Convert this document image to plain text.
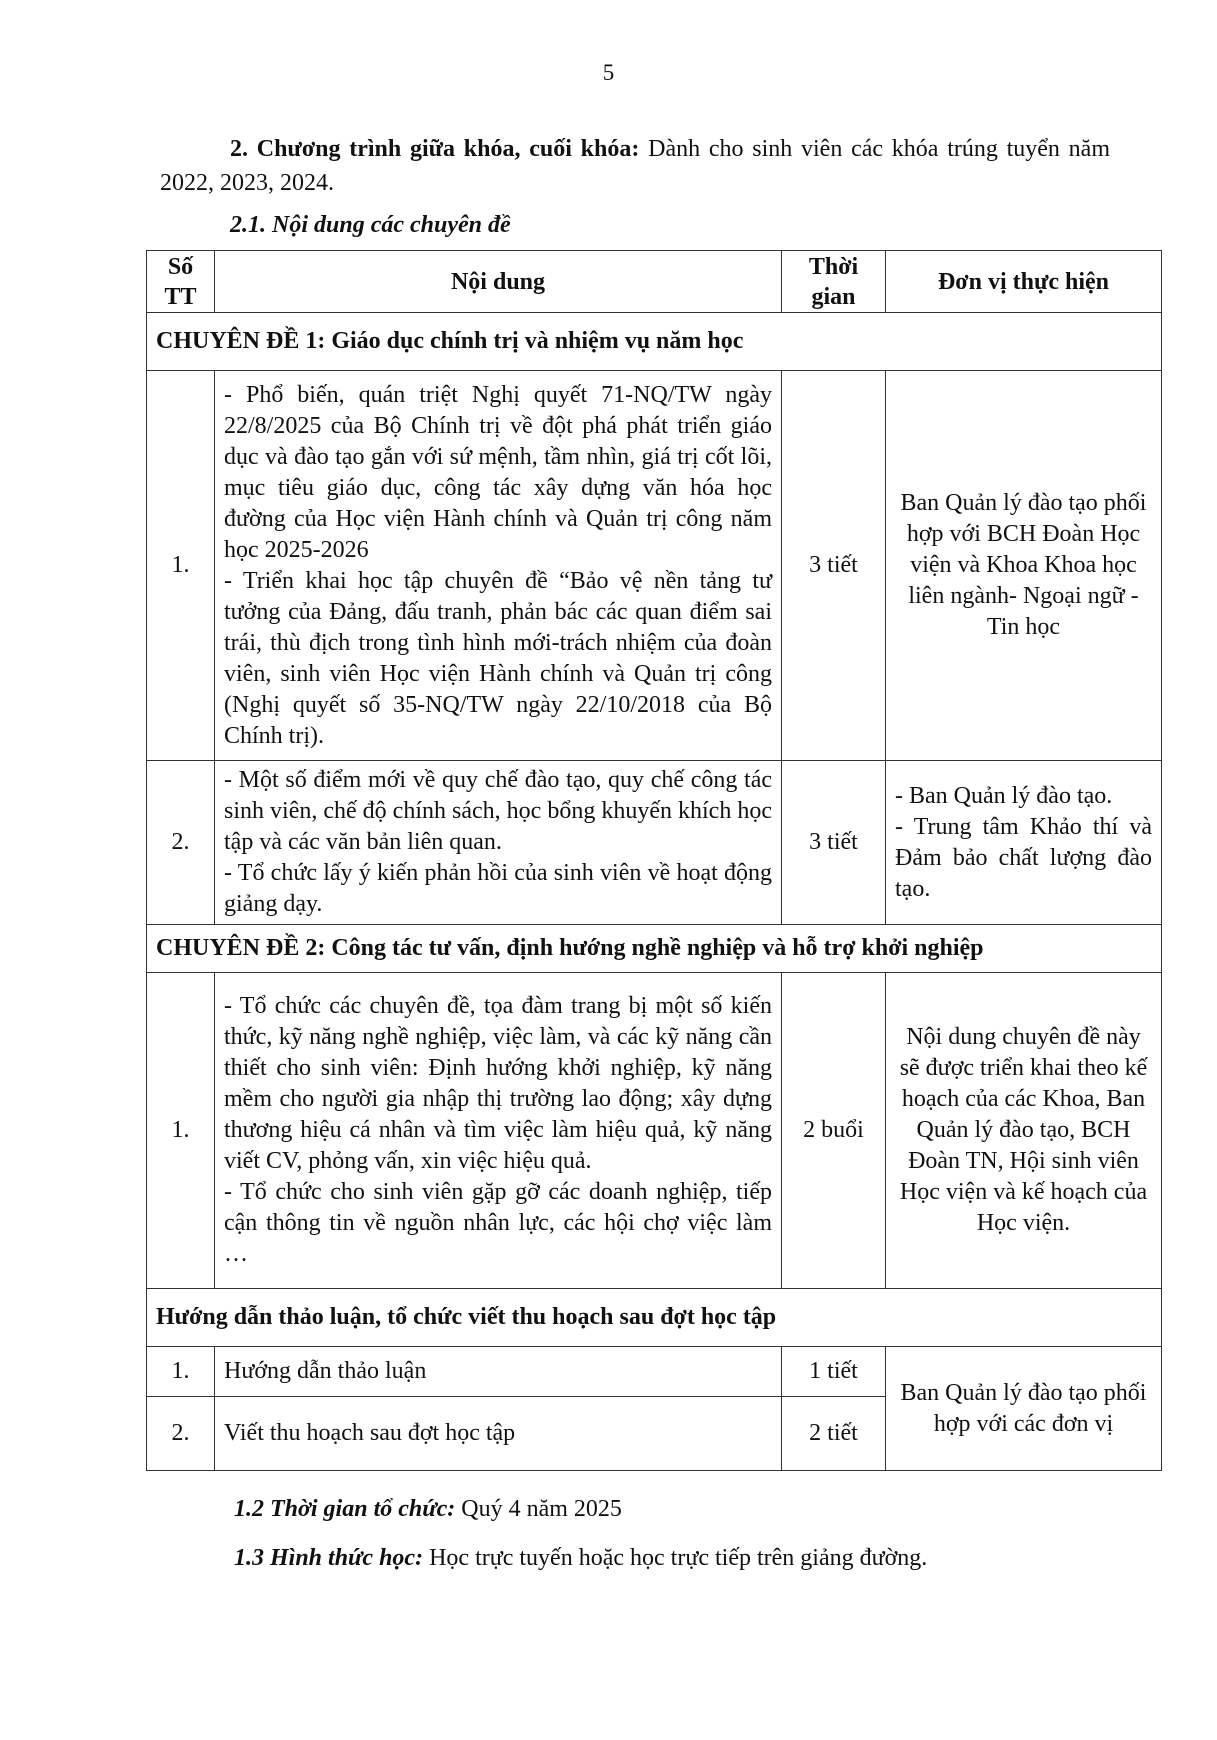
5
2. Chương trình giữa khóa, cuối khóa: Dành cho sinh viên các khóa trúng tuyển năm 2022, 2023, 2024.
2.1. Nội dung các chuyên đề
Số TT	Nội dung	Thời gian	Đơn vị thực hiện
CHUYÊN ĐỀ 1: Giáo dục chính trị và nhiệm vụ năm học			
1.	- Phổ biến, quán triệt Nghị quyết 71-NQ/TW ngày 22/8/2025 của Bộ Chính trị về đột phá phát triển giáo dục và đào tạo gắn với sứ mệnh, tầm nhìn, giá trị cốt lõi, mục tiêu giáo dục, công tác xây dựng văn hóa học đường của Học viện Hành chính và Quản trị công năm học 2025-2026
- Triển khai học tập chuyên đề “Bảo vệ nền tảng tư tưởng của Đảng, đấu tranh, phản bác các quan điểm sai trái, thù địch trong tình hình mới-trách nhiệm của đoàn viên, sinh viên Học viện Hành chính và Quản trị công (Nghị quyết số 35-NQ/TW ngày 22/10/2018 của Bộ Chính trị).	3 tiết	Ban Quản lý đào tạo phối hợp với BCH Đoàn Học viện và Khoa Khoa học liên ngành- Ngoại ngữ - Tin học
2.	- Một số điểm mới về quy chế đào tạo, quy chế công tác sinh viên, chế độ chính sách, học bổng khuyến khích học tập và các văn bản liên quan.
- Tổ chức lấy ý kiến phản hồi của sinh viên về hoạt động giảng dạy.	3 tiết	- Ban Quản lý đào tạo.
- Trung tâm Khảo thí và Đảm bảo chất lượng đào tạo.

CHUYÊN ĐỀ 2: Công tác tư vấn, định hướng nghề nghiệp và hỗ trợ khởi nghiệp			
1.	- Tổ chức các chuyên đề, tọa đàm trang bị một số kiến thức, kỹ năng nghề nghiệp, việc làm, và các kỹ năng cần thiết cho sinh viên: Định hướng khởi nghiệp, kỹ năng mềm cho người gia nhập thị trường lao động; xây dựng thương hiệu cá nhân và tìm việc làm hiệu quả, kỹ năng viết CV, phỏng vấn, xin việc hiệu quả.
- Tổ chức cho sinh viên gặp gỡ các doanh nghiệp, tiếp cận thông tin về nguồn nhân lực, các hội chợ việc làm …	2 buổi	Nội dung chuyên đề này sẽ được triển khai theo kế hoạch của các Khoa, Ban Quản lý đào tạo, BCH Đoàn TN, Hội sinh viên Học viện và kế hoạch của Học viện.
Hướng dẫn thảo luận, tổ chức viết thu hoạch sau đợt học tập			
1.	Hướng dẫn thảo luận	1 tiết	Ban Quản lý đào tạo phối hợp với các đơn vị
2.	Viết thu hoạch sau đợt học tập	2 tiết	
1.2 Thời gian tổ chức: Quý 4 năm 2025
1.3 Hình thức học: Học trực tuyến hoặc học trực tiếp trên giảng đường.
